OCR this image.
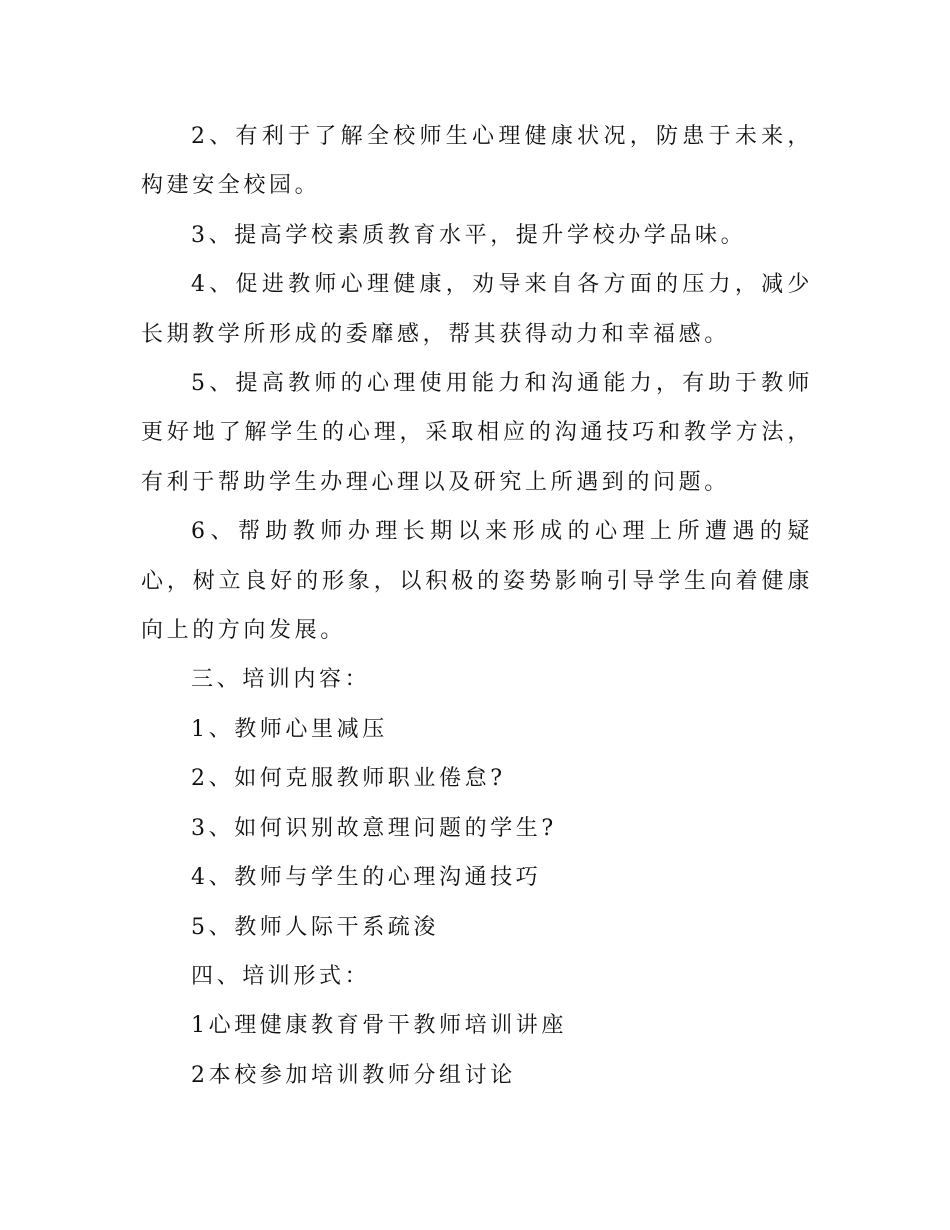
2、有利于了解全校师生心理健康状况，防患于未来，构建安全校园。

3、提高学校素质教育水平，提升学校办学品味。

4、促进教师心理健康，劝导来自各方面的压力，减少长期教学所形成的委靡感，帮其获得动力和幸福感。

5、提高教师的心理使用能力和沟通能力，有助于教师更好地了解学生的心理，采取相应的沟通技巧和教学方法，有利于帮助学生办理心理以及研究上所遇到的问题。

6、帮助教师办理长期以来形成的心理上所遭遇的疑心，树立良好的形象，以积极的姿势影响引导学生向着健康向上的方向发展。

三、培训内容：

1、教师心里减压

2、如何克服教师职业倦怠?

3、如何识别故意理问题的学生?

4、教师与学生的心理沟通技巧

5、教师人际干系疏浚

四、培训形式：

1心理健康教育骨干教师培训讲座

2本校参加培训教师分组讨论
